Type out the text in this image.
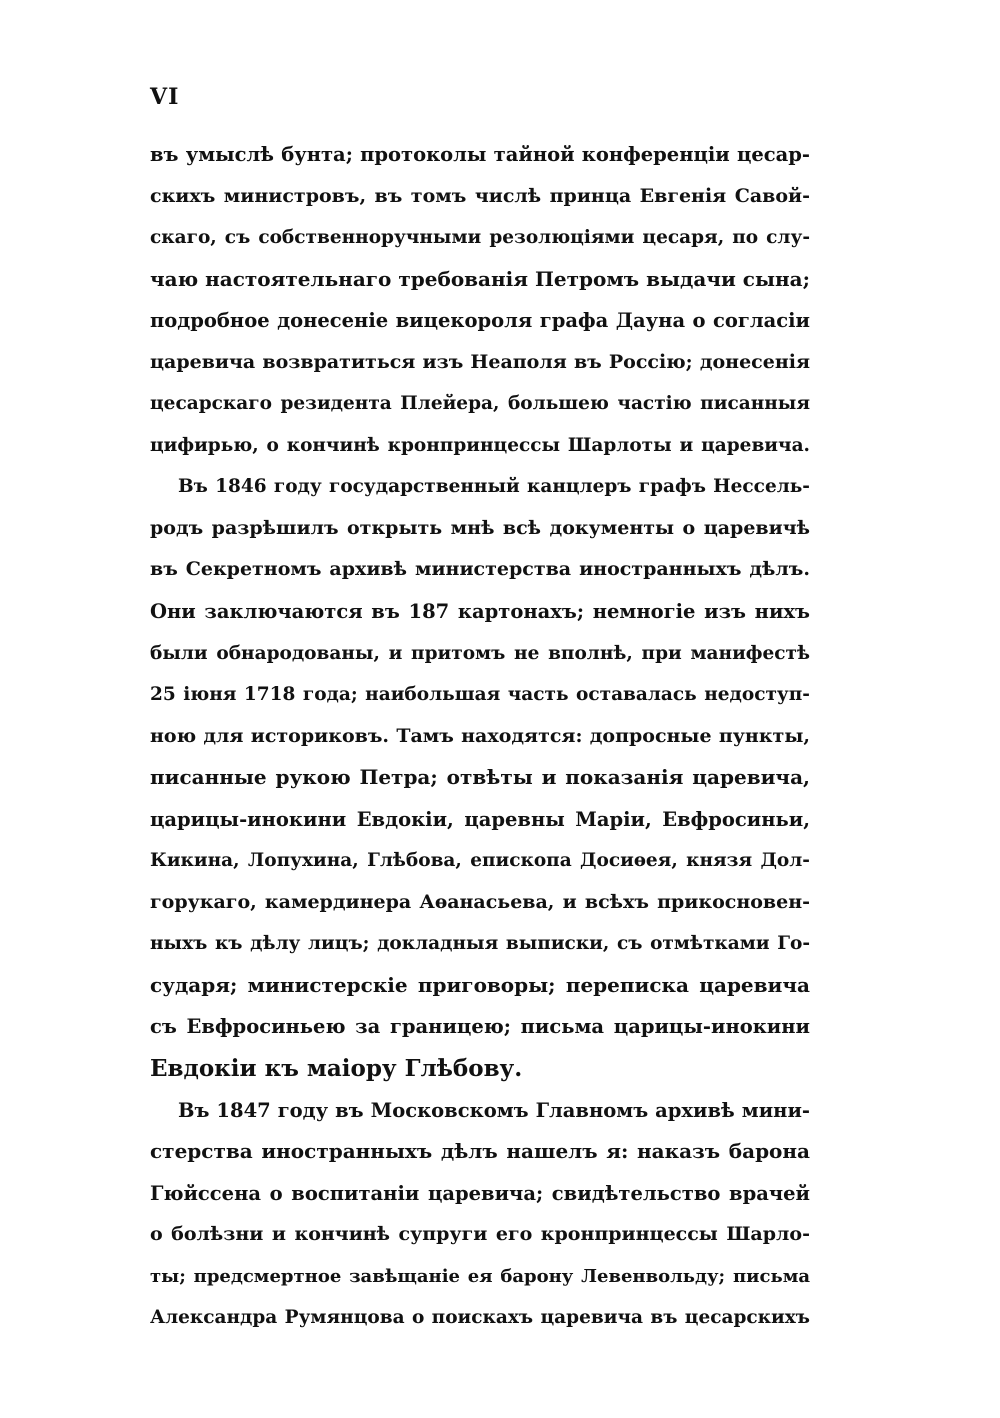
VI
въ умыслѣ бунта; протоколы тайной конференціи цесар-
скихъ министровъ, въ томъ числѣ принца Евгенія Савой-
скаго, съ собственноручными резолюціями цесаря, по слу-
чаю настоятельнаго требованія Петромъ выдачи сына;
подробное донесеніе вицекороля графа Дауна о согласіи
царевича возвратиться изъ Неаполя въ Россію; донесенія
цесарскаго резидента Плейера, большею частію писанныя
цифирью, о кончинѣ кронпринцессы Шарлоты и царевича.
Въ 1846 году государственный канцлеръ графъ Нессель-
родъ разрѣшилъ открыть мнѣ всѣ документы о царевичѣ
въ Секретномъ архивѣ министерства иностранныхъ дѣлъ.
Они заключаются въ 187 картонахъ; немногіе изъ нихъ
были обнародованы, и притомъ не вполнѣ, при манифестѣ
25 іюня 1718 года; наибольшая часть оставалась недоступ-
ною для историковъ. Тамъ находятся: допросные пункты,
писанные рукою Петра; отвѣты и показанія царевича,
царицы-инокини Евдокіи, царевны Маріи, Евфросиньи,
Кикина, Лопухина, Глѣбова, епископа Досиѳея, князя Дол-
горукаго, камердинера Аѳанасьева, и всѣхъ прикосновен-
ныхъ къ дѣлу лицъ; докладныя выписки, съ отмѣтками Го-
сударя; министерскіе приговоры; переписка царевича
съ Евфросиньею за границею; письма царицы-инокини
Евдокіи къ маіору Глѣбову.
Въ 1847 году въ Московскомъ Главномъ архивѣ мини-
стерства иностранныхъ дѣлъ нашелъ я: наказъ барона
Гюйссена о воспитаніи царевича; свидѣтельство врачей
о болѣзни и кончинѣ супруги его кронпринцессы Шарло-
ты; предсмертное завѣщаніе ея барону Левенвольду; письма
Александра Румянцова о поискахъ царевича въ цесарскихъ
